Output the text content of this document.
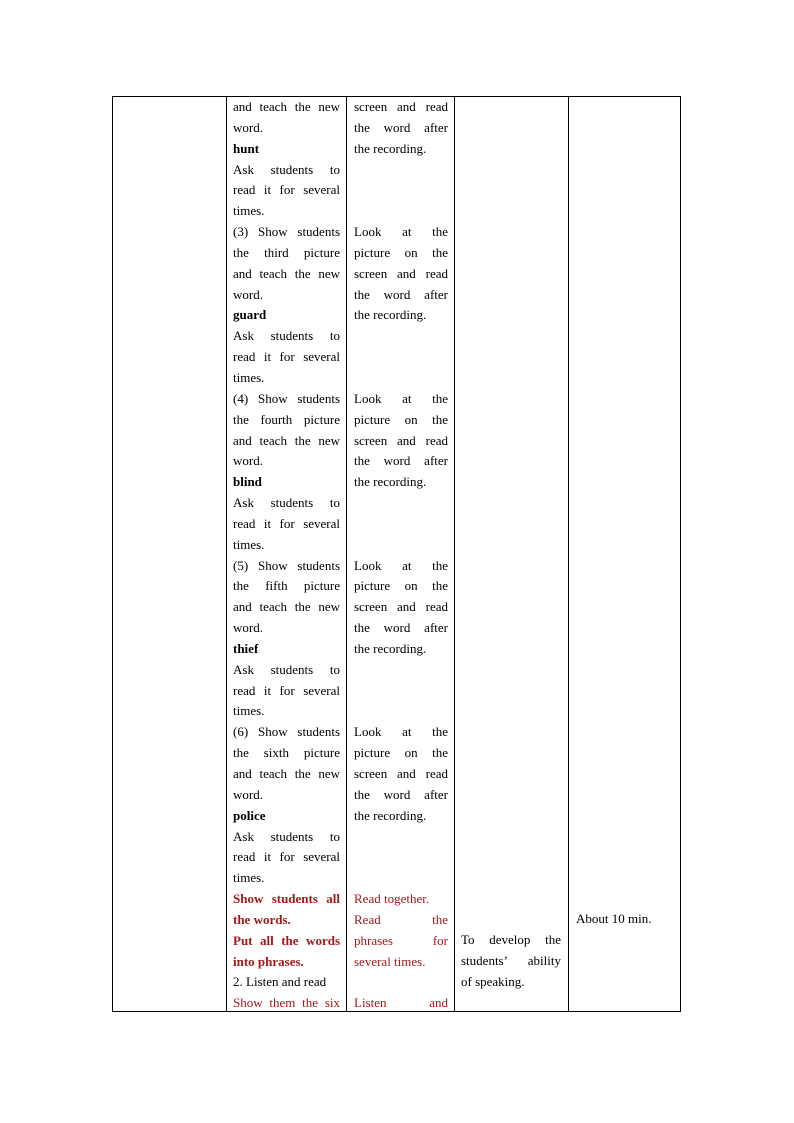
and teach the new
word.
hunt
Ask students to
read it for several
times.
(3) Show students
the third picture
and teach the new
word.
guard
Ask students to
read it for several
times.
(4) Show students
the fourth picture
and teach the new
word.
blind
Ask students to
read it for several
times.
(5) Show students
the fifth picture
and teach the new
word.
thief
Ask students to
read it for several
times.
(6) Show students
the sixth picture
and teach the new
word.
police
Ask students to
read it for several
times.
Show students all
the words.
Put all the words
into phrases.
2. Listen and read
Show them the six
screen and read
the word after
the recording.
Look at the
picture on the
screen and read
the word after
the recording.
Look at the
picture on the
screen and read
the word after
the recording.
Look at the
picture on the
screen and read
the word after
the recording.
Look at the
picture on the
screen and read
the word after
the recording.
Read together.
Read the
phrases for
several times.
Listen and
To develop the
students’ ability
of speaking.
About 10 min.
